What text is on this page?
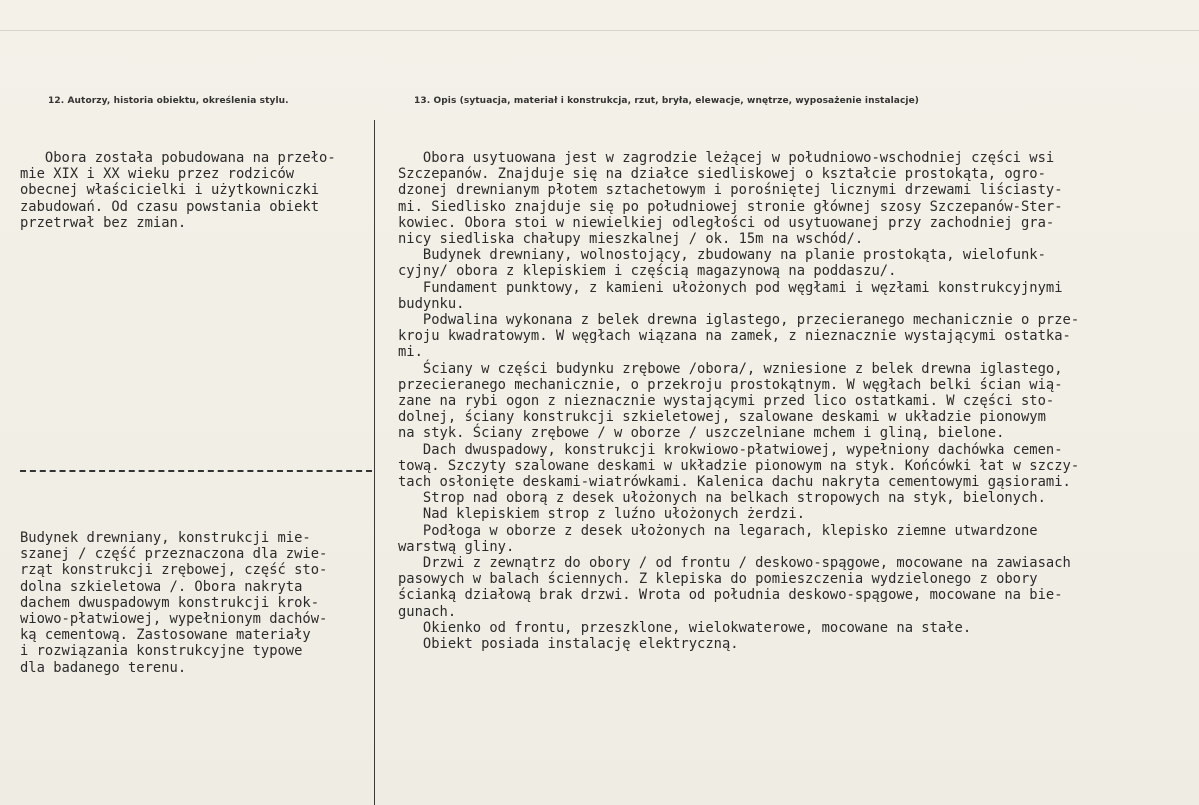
12. Autorzy, historia obiektu, określenia stylu.	13. Opis (sytuacja, materiał i konstrukcja, rzut, bryła, elewacje, wnętrze, wyposażenie instalacje)
Obora została pobudowana na przeło-
mie XIX i XX wieku przez rodziców
obecnej właścicielki i użytkowniczki
zabudowań. Od czasu powstania obiekt
przetrwał bez zmian.
Budynek drewniany, konstrukcji mie-
szanej / część przeznaczona dla zwie-
rząt konstrukcji zrębowej, część sto-
dolna szkieletowa /. Obora nakryta
dachem dwuspadowym konstrukcji krok-
wiowo-płatwiowej, wypełnionym dachów-
ką cementową. Zastosowane materiały
i rozwiązania konstrukcyjne typowe
dla badanego terenu.
Obora usytuowana jest w zagrodzie leżącej w południowo-wschodniej części wsi
Szczepanów. Znajduje się na działce siedliskowej o kształcie prostokąta, ogro-
dzonej drewnianym płotem sztachetowym i porośniętej licznymi drzewami liściasty-
mi. Siedlisko znajduje się po południowej stronie głównej szosy Szczepanów-Ster-
kowiec. Obora stoi w niewielkiej odległości od usytuowanej przy zachodniej gra-
nicy siedliska chałupy mieszkalnej / ok. 15m na wschód/.
Budynek drewniany, wolnostojący, zbudowany na planie prostokąta, wielofunk-
cyjny/ obora z klepiskiem i częścią magazynową na poddaszu/.
Fundament punktowy, z kamieni ułożonych pod węgłami i węzłami konstrukcyjnymi
budynku.
Podwalina wykonana z belek drewna iglastego, przecieranego mechanicznie o prze-
kroju kwadratowym. W węgłach wiązana na zamek, z nieznacznie wystającymi ostatka-
mi.
Ściany w części budynku zrębowe /obora/, wzniesione z belek drewna iglastego,
przecieranego mechanicznie, o przekroju prostokątnym. W węgłach belki ścian wią-
zane na rybi ogon z nieznacznie wystającymi przed lico ostatkami. W części sto-
dolnej, ściany konstrukcji szkieletowej, szalowane deskami w układzie pionowym
na styk. Ściany zrębowe / w oborze / uszczelniane mchem i gliną, bielone.
Dach dwuspadowy, konstrukcji krokwiowo-płatwiowej, wypełniony dachówka cemen-
tową. Szczyty szalowane deskami w układzie pionowym na styk. Końcówki łat w szczy-
tach osłonięte deskami-wiatrówkami. Kalenica dachu nakryta cementowymi gąsiorami.
Strop nad oborą z desek ułożonych na belkach stropowych na styk, bielonych.
Nad klepiskiem strop z luźno ułożonych żerdzi.
Podłoga w oborze z desek ułożonych na legarach, klepisko ziemne utwardzone
warstwą gliny.
Drzwi z zewnątrz do obory / od frontu / deskowo-spągowe, mocowane na zawiasach
pasowych w balach ściennych. Z klepiska do pomieszczenia wydzielonego z obory
ścianką działową brak drzwi. Wrota od południa deskowo-spągowe, mocowane na bie-
gunach.
Okienko od frontu, przeszklone, wielokwaterowe, mocowane na stałe.
Obiekt posiada instalację elektryczną.
